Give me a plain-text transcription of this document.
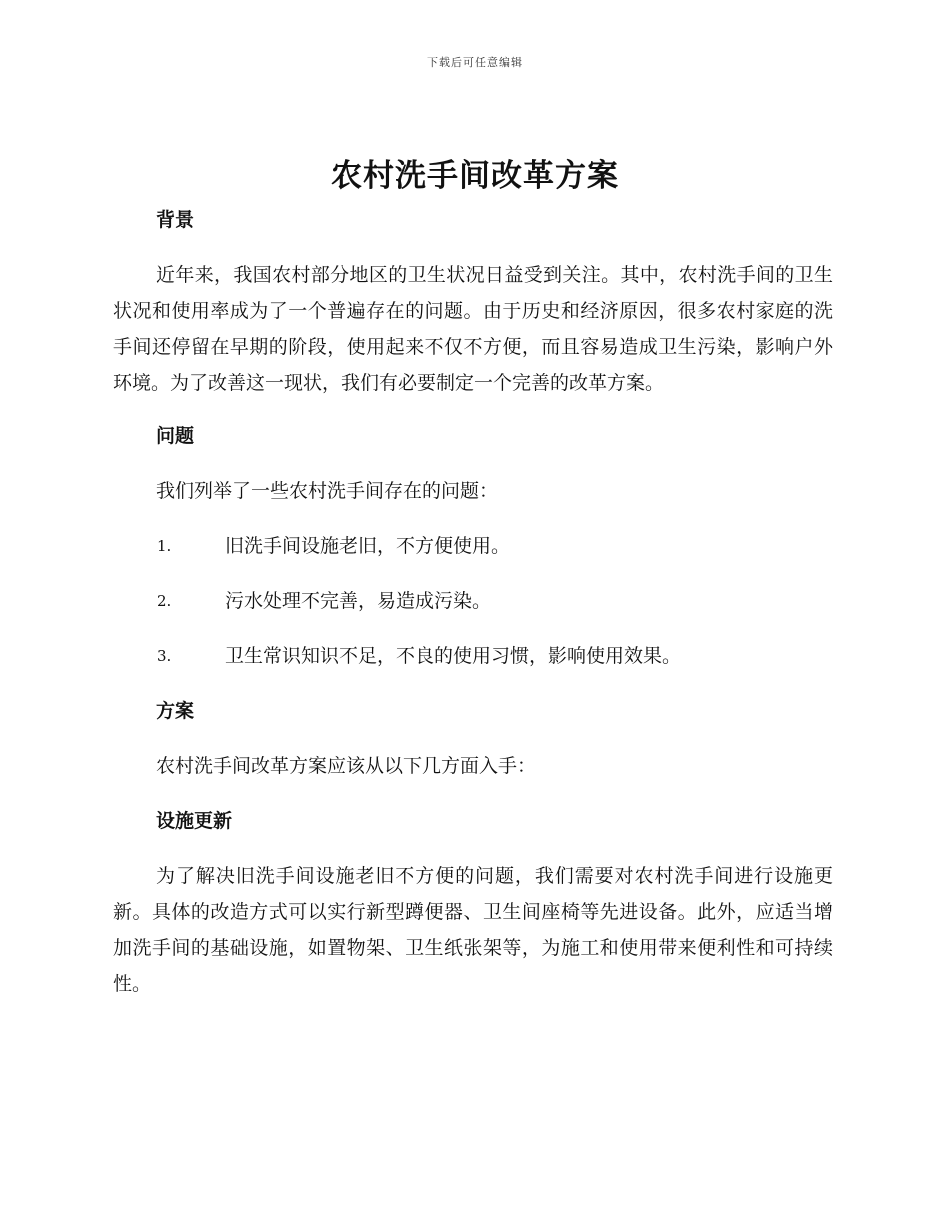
下载后可任意编辑
农村洗手间改革方案
背景

近年来，我国农村部分地区的卫生状况日益受到关注。其中，农村洗手间的卫生状况和使用率成为了一个普遍存在的问题。由于历史和经济原因，很多农村家庭的洗手间还停留在早期的阶段，使用起来不仅不方便，而且容易造成卫生污染，影响户外环境。为了改善这一现状，我们有必要制定一个完善的改革方案。

问题

我们列举了一些农村洗手间存在的问题：

1.	旧洗手间设施老旧，不方便使用。
2.	污水处理不完善，易造成污染。
3.	卫生常识知识不足，不良的使用习惯，影响使用效果。
方案

农村洗手间改革方案应该从以下几方面入手：

设施更新

为了解决旧洗手间设施老旧不方便的问题，我们需要对农村洗手间进行设施更新。具体的改造方式可以实行新型蹲便器、卫生间座椅等先进设备。此外，应适当增加洗手间的基础设施，如置物架、卫生纸张架等，为施工和使用带来便利性和可持续性。
